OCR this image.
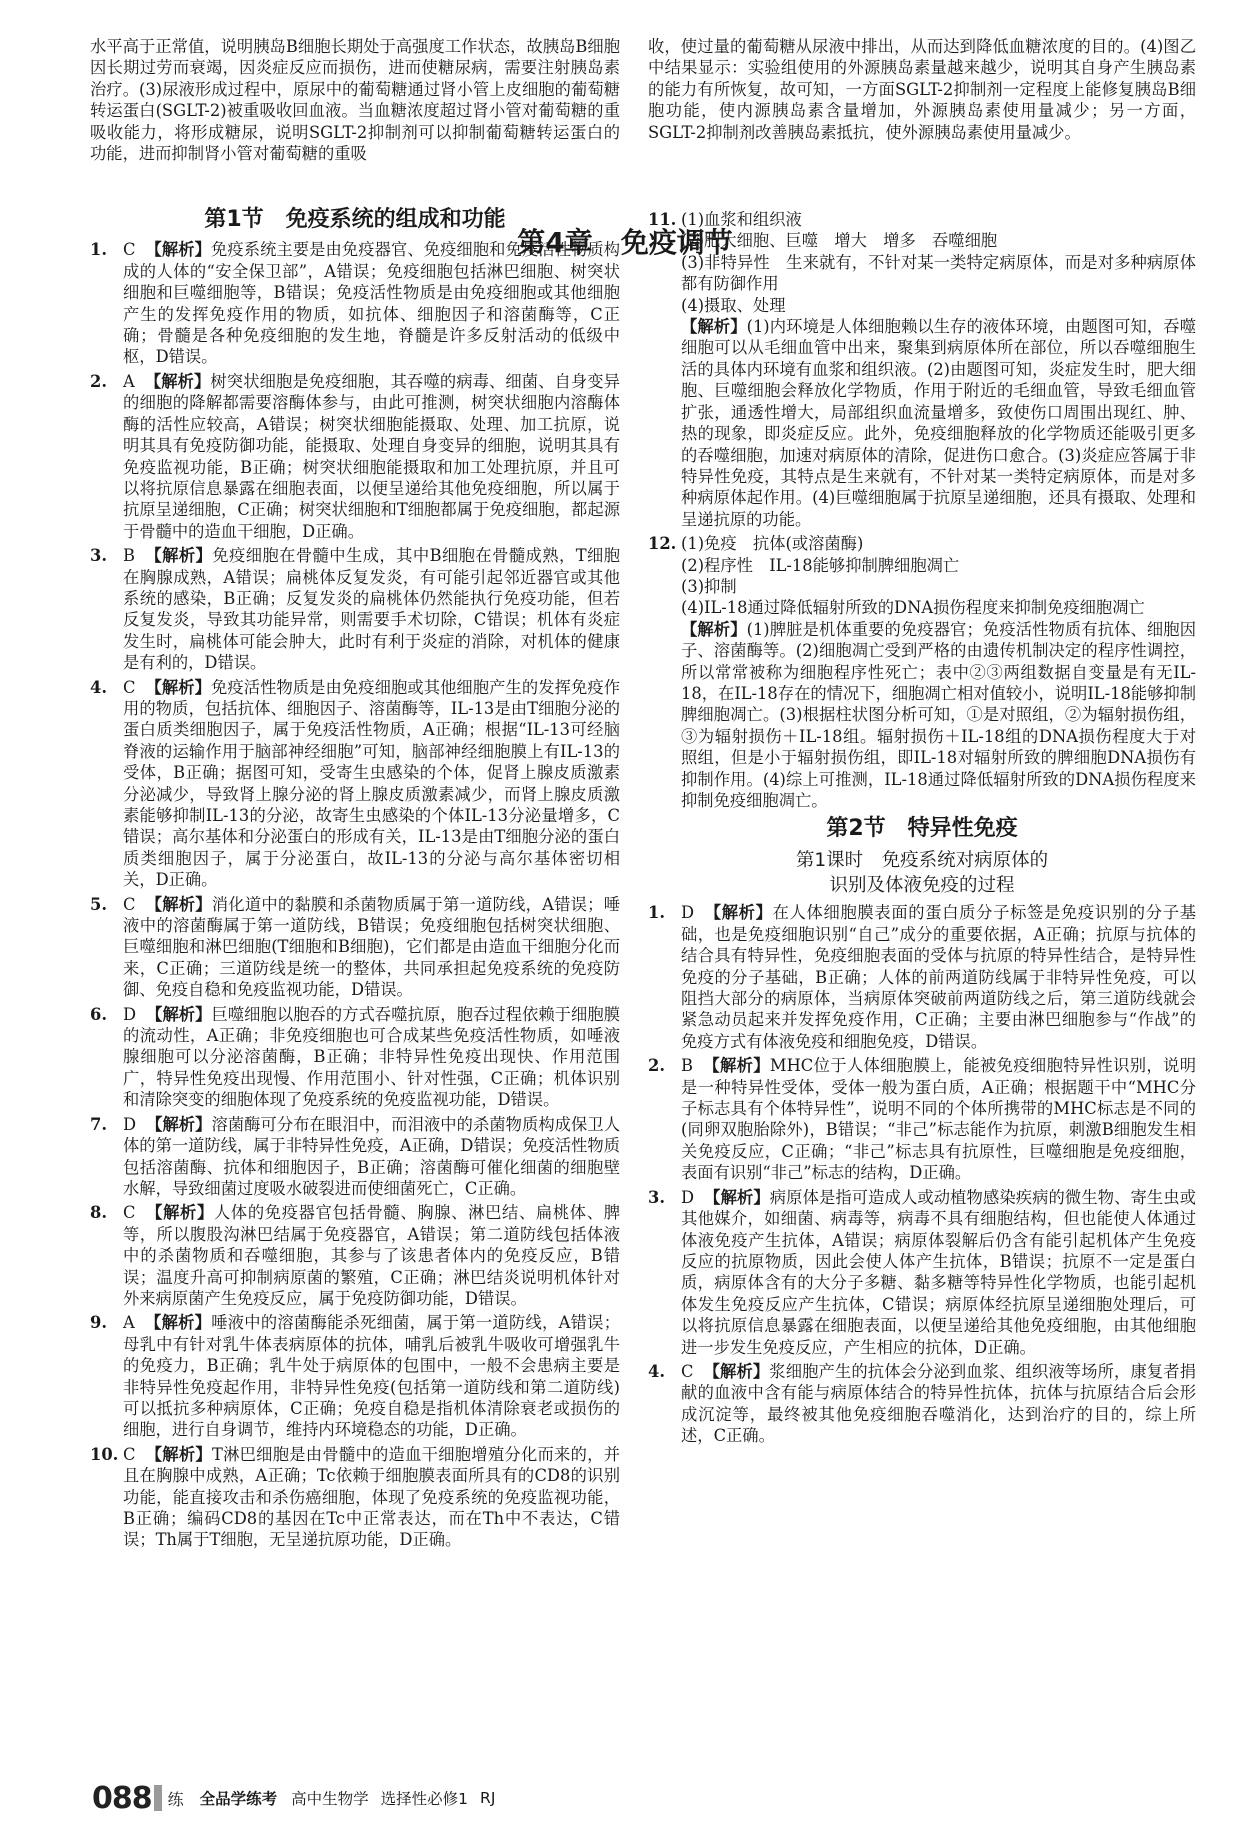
第4章　免疫调节

水平高于正常值，说明胰岛B细胞长期处于高强度工作状态，故胰岛B细胞因长期过劳而衰竭，因炎症反应而损伤，进而使糖尿病，需要注射胰岛素治疗。(3)尿液形成过程中，原尿中的葡萄糖通过肾小管上皮细胞的葡萄糖转运蛋白(SGLT-2)被重吸收回血液。当血糖浓度超过肾小管对葡萄糖的重吸收能力，将形成糖尿，说明SGLT-2抑制剂可以抑制葡萄糖转运蛋白的功能，进而抑制肾小管对葡萄糖的重吸

第1节　免疫系统的组成和功能
1. C 【解析】免疫系统主要是由免疫器官、免疫细胞和免疫活性物质构成的人体的“安全保卫部”，A错误；免疫细胞包括淋巴细胞、树突状细胞和巨噬细胞等，B错误；免疫活性物质是由免疫细胞或其他细胞产生的发挥免疫作用的物质，如抗体、细胞因子和溶菌酶等，C正确；骨髓是各种免疫细胞的发生地，脊髓是许多反射活动的低级中枢，D错误。
2. A 【解析】树突状细胞是免疫细胞，其吞噬的病毒、细菌、自身变异的细胞的降解都需要溶酶体参与，由此可推测，树突状细胞内溶酶体酶的活性应较高，A错误；树突状细胞能摄取、处理、加工抗原，说明其具有免疫防御功能，能摄取、处理自身变异的细胞，说明其具有免疫监视功能，B正确；树突状细胞能摄取和加工处理抗原，并且可以将抗原信息暴露在细胞表面，以便呈递给其他免疫细胞，所以属于抗原呈递细胞，C正确；树突状细胞和T细胞都属于免疫细胞，都起源于骨髓中的造血干细胞，D正确。
3. B 【解析】免疫细胞在骨髓中生成，其中B细胞在骨髓成熟，T细胞在胸腺成熟，A错误；扁桃体反复发炎，有可能引起邻近器官或其他系统的感染，B正确；反复发炎的扁桃体仍然能执行免疫功能，但若反复发炎，导致其功能异常，则需要手术切除，C错误；机体有炎症发生时，扁桃体可能会肿大，此时有利于炎症的消除，对机体的健康是有利的，D错误。
4. C 【解析】免疫活性物质是由免疫细胞或其他细胞产生的发挥免疫作用的物质，包括抗体、细胞因子、溶菌酶等，IL-13是由T细胞分泌的蛋白质类细胞因子，属于免疫活性物质，A正确；根据“IL-13可经脑脊液的运输作用于脑部神经细胞”可知，脑部神经细胞膜上有IL-13的受体，B正确；据图可知，受寄生虫感染的个体，促肾上腺皮质激素分泌减少，导致肾上腺分泌的肾上腺皮质激素减少，而肾上腺皮质激素能够抑制IL-13的分泌，故寄生虫感染的个体IL-13分泌量增多，C错误；高尔基体和分泌蛋白的形成有关，IL-13是由T细胞分泌的蛋白质类细胞因子，属于分泌蛋白，故IL-13的分泌与高尔基体密切相关，D正确。
5. C 【解析】消化道中的黏膜和杀菌物质属于第一道防线，A错误；唾液中的溶菌酶属于第一道防线，B错误；免疫细胞包括树突状细胞、巨噬细胞和淋巴细胞(T细胞和B细胞)，它们都是由造血干细胞分化而来，C正确；三道防线是统一的整体，共同承担起免疫系统的免疫防御、免疫自稳和免疫监视功能，D错误。
6. D 【解析】巨噬细胞以胞吞的方式吞噬抗原，胞吞过程依赖于细胞膜的流动性，A正确；非免疫细胞也可合成某些免疫活性物质，如唾液腺细胞可以分泌溶菌酶，B正确；非特异性免疫出现快、作用范围广，特异性免疫出现慢、作用范围小、针对性强，C正确；机体识别和清除突变的细胞体现了免疫系统的免疫监视功能，D错误。
7. D 【解析】溶菌酶可分布在眼泪中，而泪液中的杀菌物质构成保卫人体的第一道防线，属于非特异性免疫，A正确，D错误；免疫活性物质包括溶菌酶、抗体和细胞因子，B正确；溶菌酶可催化细菌的细胞壁水解，导致细菌过度吸水破裂进而使细菌死亡，C正确。
8. C 【解析】人体的免疫器官包括骨髓、胸腺、淋巴结、扁桃体、脾等，所以腹股沟淋巴结属于免疫器官，A错误；第二道防线包括体液中的杀菌物质和吞噬细胞，其参与了该患者体内的免疫反应，B错误；温度升高可抑制病原菌的繁殖，C正确；淋巴结炎说明机体针对外来病原菌产生免疫反应，属于免疫防御功能，D错误。
9. A 【解析】唾液中的溶菌酶能杀死细菌，属于第一道防线，A错误；母乳中有针对乳牛体表病原体的抗体，哺乳后被乳牛吸收可增强乳牛的免疫力，B正确；乳牛处于病原体的包围中，一般不会患病主要是非特异性免疫起作用，非特异性免疫(包括第一道防线和第二道防线)可以抵抗多种病原体，C正确；免疫自稳是指机体清除衰老或损伤的细胞，进行自身调节，维持内环境稳态的功能，D正确。
10. C 【解析】T淋巴细胞是由骨髓中的造血干细胞增殖分化而来的，并且在胸腺中成熟，A正确；Tc依赖于细胞膜表面所具有的CD8的识别功能，能直接攻击和杀伤癌细胞，体现了免疫系统的免疫监视功能，B正确；编码CD8的基因在Tc中正常表达，而在Th中不表达，C错误；Th属于T细胞，无呈递抗原功能，D正确。

收，使过量的葡萄糖从尿液中排出，从而达到降低血糖浓度的目的。(4)图乙中结果显示：实验组使用的外源胰岛素量越来越少，说明其自身产生胰岛素的能力有所恢复，故可知，一方面SGLT-2抑制剂一定程度上能修复胰岛B细胞功能，使内源胰岛素含量增加，外源胰岛素使用量减少；另一方面，SGLT-2抑制剂改善胰岛素抵抗，使外源胰岛素使用量减少。

11. (1)血浆和组织液
(2)肥大细胞、巨噬　增大　增多　吞噬细胞
(3)非特异性　生来就有，不针对某一类特定病原体，而是对多种病原体都有防御作用
(4)摄取、处理
【解析】(1)内环境是人体细胞赖以生存的液体环境，由题图可知，吞噬细胞可以从毛细血管中出来，聚集到病原体所在部位，所以吞噬细胞生活的具体内环境有血浆和组织液。(2)由题图可知，炎症发生时，肥大细胞、巨噬细胞会释放化学物质，作用于附近的毛细血管，导致毛细血管扩张，通透性增大，局部组织血流量增多，致使伤口周围出现红、肿、热的现象，即炎症反应。此外，免疫细胞释放的化学物质还能吸引更多的吞噬细胞，加速对病原体的清除，促进伤口愈合。(3)炎症应答属于非特异性免疫，其特点是生来就有，不针对某一类特定病原体，而是对多种病原体起作用。(4)巨噬细胞属于抗原呈递细胞，还具有摄取、处理和呈递抗原的功能。
12. (1)免疫　抗体(或溶菌酶)
(2)程序性　IL-18能够抑制脾细胞凋亡
(3)抑制
(4)IL-18通过降低辐射所致的DNA损伤程度来抑制免疫细胞凋亡
【解析】(1)脾脏是机体重要的免疫器官；免疫活性物质有抗体、细胞因子、溶菌酶等。(2)细胞凋亡受到严格的由遗传机制决定的程序性调控，所以常常被称为细胞程序性死亡；表中②③两组数据自变量是有无IL-18，在IL-18存在的情况下，细胞凋亡相对值较小，说明IL-18能够抑制脾细胞凋亡。(3)根据柱状图分析可知，①是对照组，②为辐射损伤组，③为辐射损伤＋IL-18组。辐射损伤＋IL-18组的DNA损伤程度大于对照组，但是小于辐射损伤组，即IL-18对辐射所致的脾细胞DNA损伤有抑制作用。(4)综上可推测，IL-18通过降低辐射所致的DNA损伤程度来抑制免疫细胞凋亡。
第2节　特异性免疫
第1课时　免疫系统对病原体的
识别及体液免疫的过程
1. D 【解析】在人体细胞膜表面的蛋白质分子标签是免疫识别的分子基础，也是免疫细胞识别“自己”成分的重要依据，A正确；抗原与抗体的结合具有特异性，免疫细胞表面的受体与抗原的特异性结合，是特异性免疫的分子基础，B正确；人体的前两道防线属于非特异性免疫，可以阻挡大部分的病原体，当病原体突破前两道防线之后，第三道防线就会紧急动员起来并发挥免疫作用，C正确；主要由淋巴细胞参与“作战”的免疫方式有体液免疫和细胞免疫，D错误。
2. B 【解析】MHC位于人体细胞膜上，能被免疫细胞特异性识别，说明是一种特异性受体，受体一般为蛋白质，A正确；根据题干中“MHC分子标志具有个体特异性”，说明不同的个体所携带的MHC标志是不同的(同卵双胞胎除外)，B错误；“非己”标志能作为抗原，刺激B细胞发生相关免疫反应，C正确；“非己”标志具有抗原性，巨噬细胞是免疫细胞，表面有识别“非己”标志的结构，D正确。
3. D 【解析】病原体是指可造成人或动植物感染疾病的微生物、寄生虫或其他媒介，如细菌、病毒等，病毒不具有细胞结构，但也能使人体通过体液免疫产生抗体，A错误；病原体裂解后仍含有能引起机体产生免疫反应的抗原物质，因此会使人体产生抗体，B错误；抗原不一定是蛋白质，病原体含有的大分子多糖、黏多糖等特异性化学物质，也能引起机体发生免疫反应产生抗体，C错误；病原体经抗原呈递细胞处理后，可以将抗原信息暴露在细胞表面，以便呈递给其他免疫细胞，由其他细胞进一步发生免疫反应，产生相应的抗体，D正确。
4. C 【解析】浆细胞产生的抗体会分泌到血浆、组织液等场所，康复者捐献的血液中含有能与病原体结合的特异性抗体，抗体与抗原结合后会形成沉淀等，最终被其他免疫细胞吞噬消化，达到治疗的目的，综上所述，C正确。
088 练 全品学练考 高中生物学 选择性必修1 RJ
